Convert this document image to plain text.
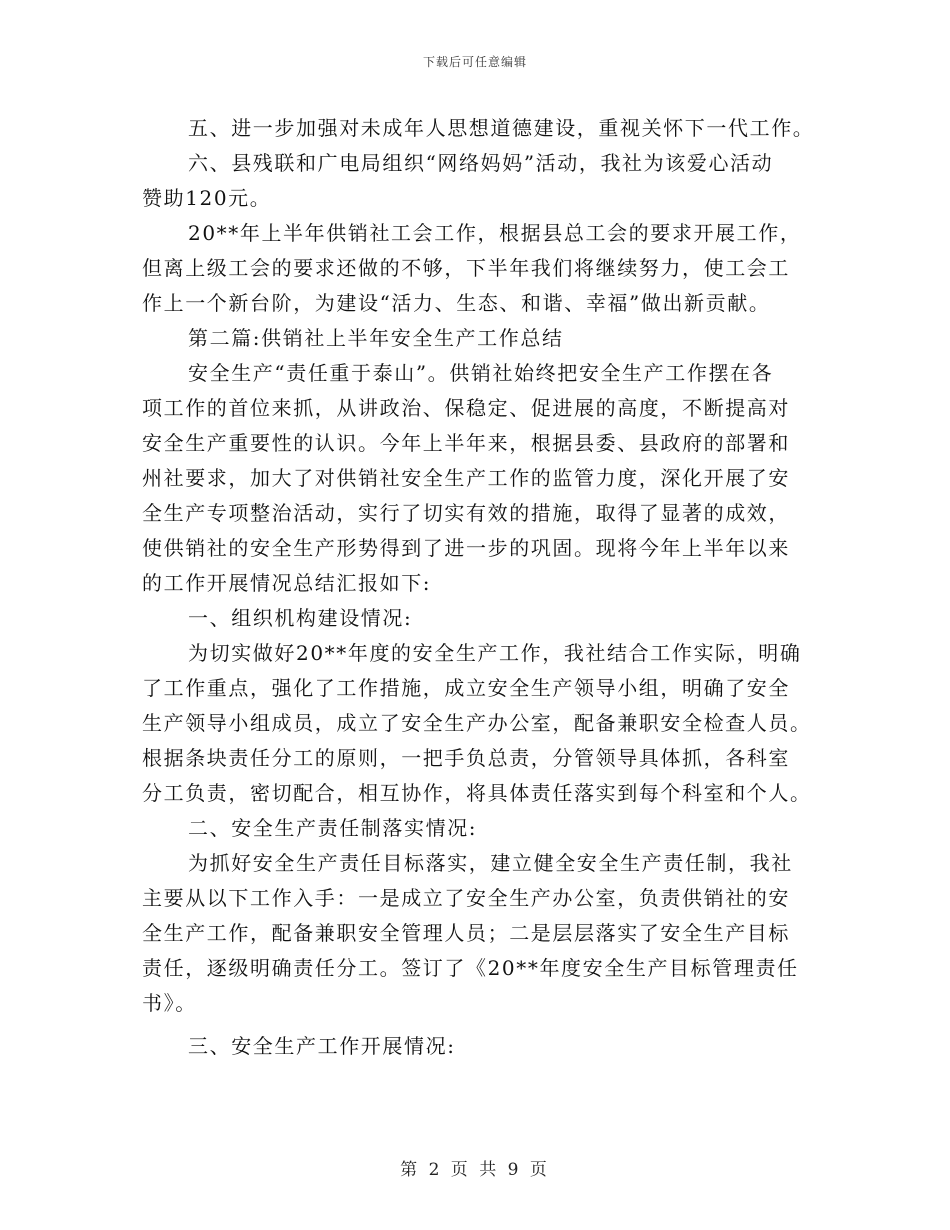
下载后可任意编辑
五、进一步加强对未成年人思想道德建设，重视关怀下一代工作。
六、县残联和广电局组织“网络妈妈”活动，我社为该爱心活动
赞助120元。
20**年上半年供销社工会工作，根据县总工会的要求开展工作，
但离上级工会的要求还做的不够，下半年我们将继续努力，使工会工
作上一个新台阶，为建设“活力、生态、和谐、幸福”做出新贡献。
第二篇:供销社上半年安全生产工作总结
安全生产“责任重于泰山”。供销社始终把安全生产工作摆在各
项工作的首位来抓，从讲政治、保稳定、促进展的高度，不断提高对
安全生产重要性的认识。今年上半年来，根据县委、县政府的部署和
州社要求，加大了对供销社安全生产工作的监管力度，深化开展了安
全生产专项整治活动，实行了切实有效的措施，取得了显著的成效，
使供销社的安全生产形势得到了进一步的巩固。现将今年上半年以来
的工作开展情况总结汇报如下:
一、组织机构建设情况:
为切实做好20**年度的安全生产工作，我社结合工作实际，明确
了工作重点，强化了工作措施，成立安全生产领导小组，明确了安全
生产领导小组成员，成立了安全生产办公室，配备兼职安全检查人员。
根据条块责任分工的原则，一把手负总责，分管领导具体抓，各科室
分工负责，密切配合，相互协作，将具体责任落实到每个科室和个人。
二、安全生产责任制落实情况:
为抓好安全生产责任目标落实，建立健全安全生产责任制，我社
主要从以下工作入手：一是成立了安全生产办公室，负责供销社的安
全生产工作，配备兼职安全管理人员；二是层层落实了安全生产目标
责任，逐级明确责任分工。签订了《20**年度安全生产目标管理责任
书》。
三、安全生产工作开展情况:
第 2 页 共 9 页
